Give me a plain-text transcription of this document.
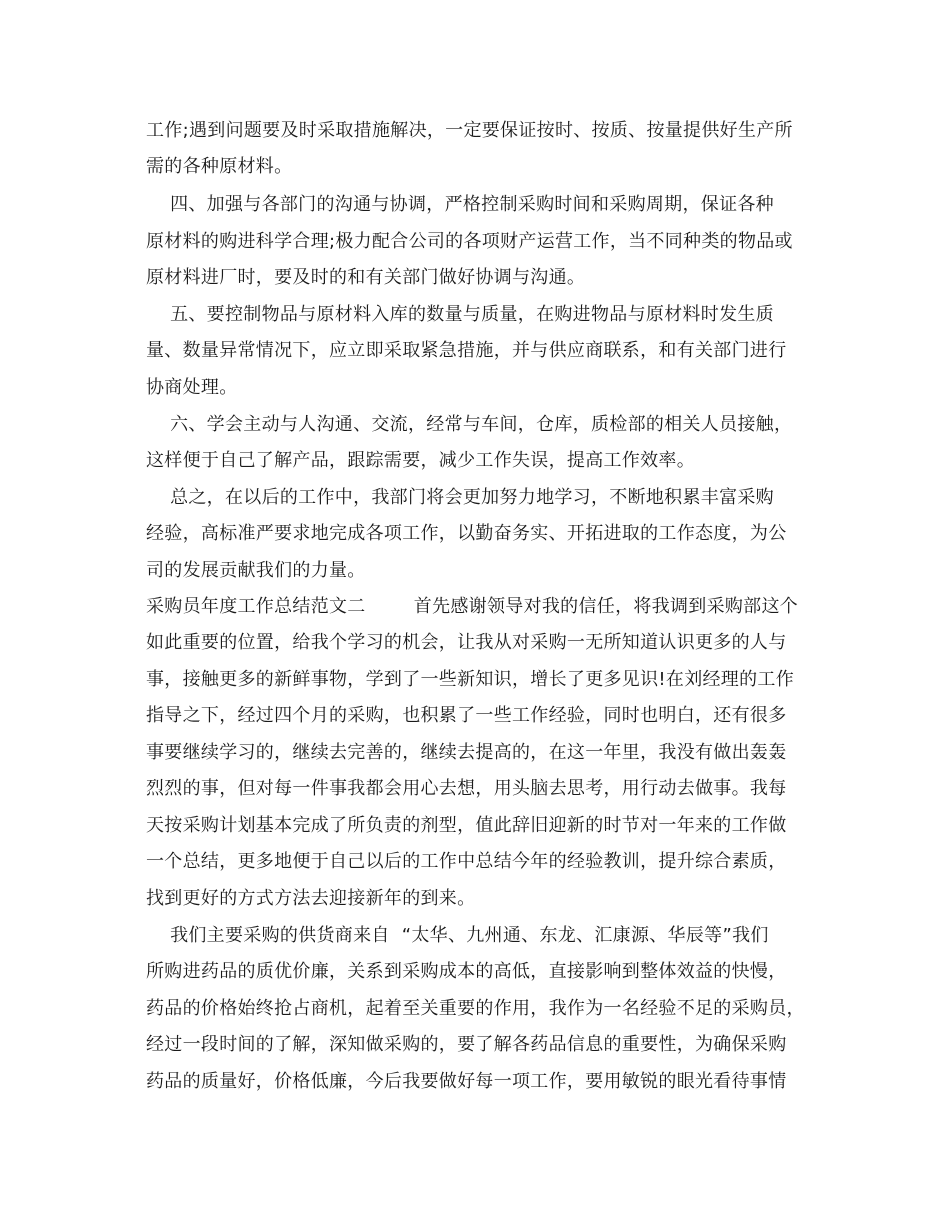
工作;遇到问题要及时采取措施解决，一定要保证按时、按质、按量提供好生产所
需的各种原材料。
四、加强与各部门的沟通与协调，严格控制采购时间和采购周期，保证各种
原材料的购进科学合理;极力配合公司的各项财产运营工作，当不同种类的物品或
原材料进厂时，要及时的和有关部门做好协调与沟通。
五、要控制物品与原材料入库的数量与质量，在购进物品与原材料时发生质
量、数量异常情况下，应立即采取紧急措施，并与供应商联系，和有关部门进行
协商处理。
六、学会主动与人沟通、交流，经常与车间，仓库，质检部的相关人员接触，
这样便于自己了解产品，跟踪需要，减少工作失误，提高工作效率。
总之，在以后的工作中，我部门将会更加努力地学习，不断地积累丰富采购
经验，高标准严要求地完成各项工作，以勤奋务实、开拓进取的工作态度，为公
司的发展贡献我们的力量。
采购员年度工作总结范文二        首先感谢领导对我的信任，将我调到采购部这个
如此重要的位置，给我个学习的机会，让我从对采购一无所知道认识更多的人与
事，接触更多的新鲜事物，学到了一些新知识，增长了更多见识!在刘经理的工作
指导之下，经过四个月的采购，也积累了一些工作经验，同时也明白，还有很多
事要继续学习的，继续去完善的，继续去提高的，在这一年里，我没有做出轰轰
烈烈的事，但对每一件事我都会用心去想，用头脑去思考，用行动去做事。我每
天按采购计划基本完成了所负责的剂型，值此辞旧迎新的时节对一年来的工作做
一个总结，更多地便于自己以后的工作中总结今年的经验教训，提升综合素质，
找到更好的方式方法去迎接新年的到来。
我们主要采购的供货商来自  “太华、九州通、东龙、汇康源、华辰等”我们
所购进药品的质优价廉，关系到采购成本的高低，直接影响到整体效益的快慢，
药品的价格始终抢占商机，起着至关重要的作用，我作为一名经验不足的采购员，
经过一段时间的了解，深知做采购的，要了解各药品信息的重要性，为确保采购
药品的质量好，价格低廉，今后我要做好每一项工作，要用敏锐的眼光看待事情
